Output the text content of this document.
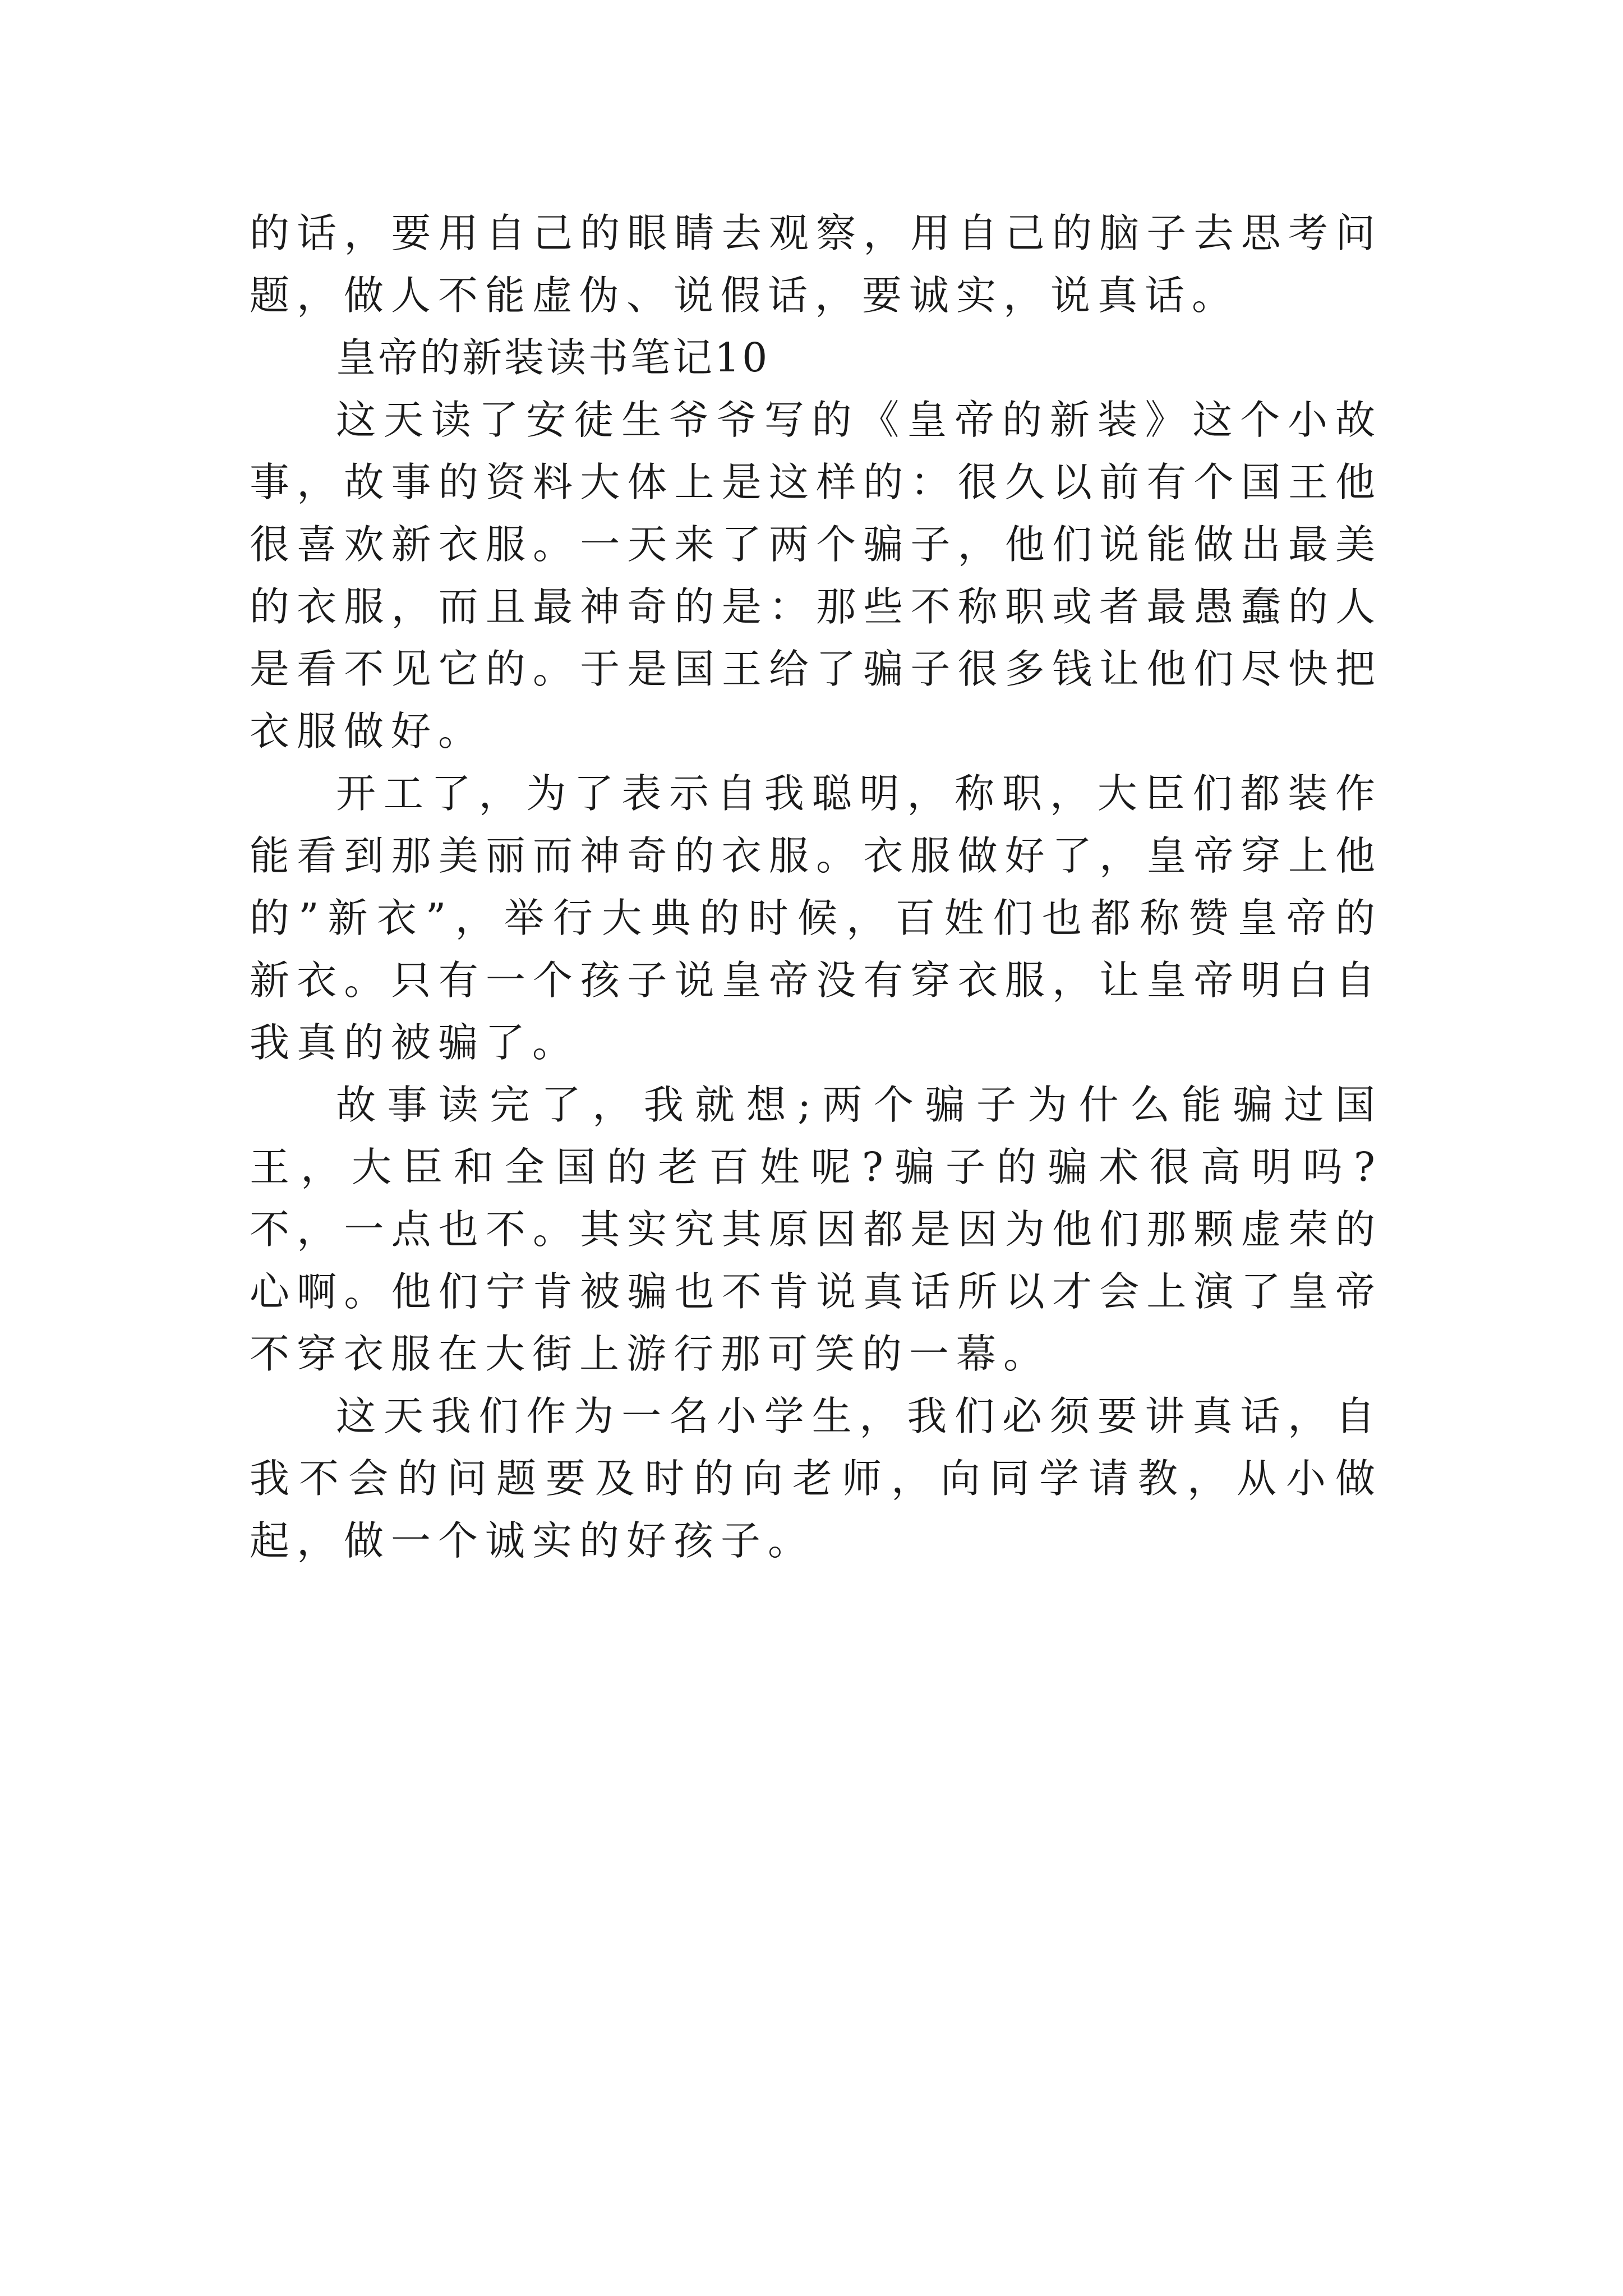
的话，要用自己的眼睛去观察，用自己的脑子去思考问题，做人不能虚伪、说假话，要诚实，说真话。

皇帝的新装读书笔记10

这天读了安徒生爷爷写的《皇帝的新装》这个小故事，故事的资料大体上是这样的：很久以前有个国王他很喜欢新衣服。一天来了两个骗子，他们说能做出最美的衣服，而且最神奇的是：那些不称职或者最愚蠢的人是看不见它的。于是国王给了骗子很多钱让他们尽快把衣服做好。

开工了，为了表示自我聪明，称职，大臣们都装作能看到那美丽而神奇的衣服。衣服做好了，皇帝穿上他的”新衣”，举行大典的时候，百姓们也都称赞皇帝的新衣。只有一个孩子说皇帝没有穿衣服，让皇帝明白自我真的被骗了。

故事读完了，我就想;两个骗子为什么能骗过国王，大臣和全国的老百姓呢?骗子的骗术很高明吗?不，一点也不。其实究其原因都是因为他们那颗虚荣的心啊。他们宁肯被骗也不肯说真话所以才会上演了皇帝不穿衣服在大街上游行那可笑的一幕。

这天我们作为一名小学生，我们必须要讲真话，自我不会的问题要及时的向老师，向同学请教，从小做起，做一个诚实的好孩子。
